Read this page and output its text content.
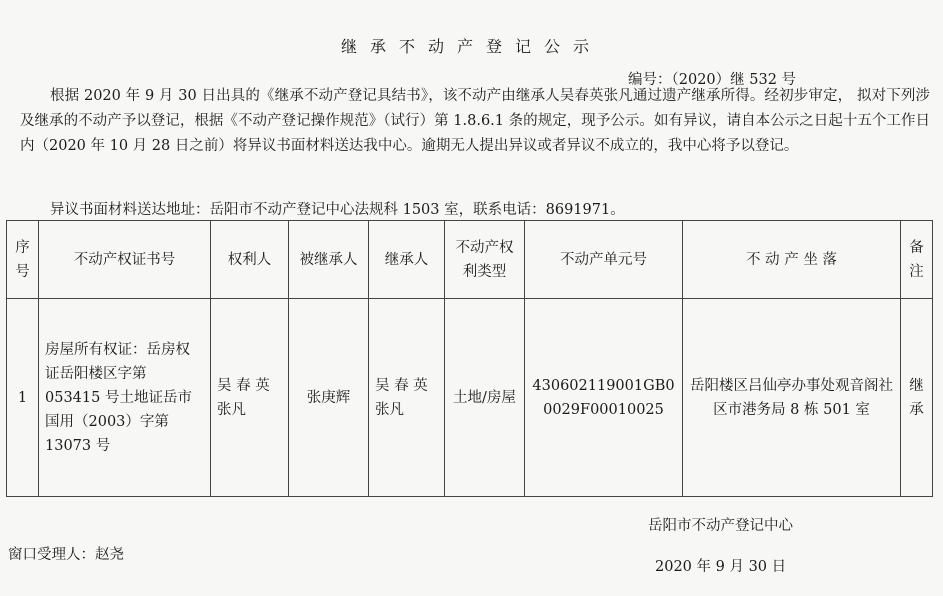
继承不动产登记公示
编号：（2020）继 532 号
根据 2020 年 9 月 30 日出具的《继承不动产登记具结书》，该不动产由继承人吴春英张凡通过遗产继承所得。经初步审定， 拟对下列涉及继承的不动产予以登记，根据《不动产登记操作规范》（试行）第 1.8.6.1 条的规定，现予公示。如有异议，请自本公示之日起十五个工作日内（2020 年 10 月 28 日之前）将异议书面材料送达我中心。逾期无人提出异议或者异议不成立的，我中心将予以登记。
异议书面材料送达地址：岳阳市不动产登记中心法规科 1503 室，联系电话：8691971。
序号	不动产权证书号	权利人	被继承人	继承人	不动产权利类型	不动产单元号	不 动 产 坐 落	备注
1	房屋所有权证：岳房权证岳阳楼区字第 053415 号土地证岳市国用（2003）字第 13073 号	吴 春 英 张凡	张庚辉	吴 春 英 张凡	土地/房屋	430602119001GB00029F00010025	岳阳楼区吕仙亭办事处观音阁社区市港务局 8 栋 501 室	继承
岳阳市不动产登记中心
窗口受理人：赵尧
2020 年 9 月 30 日
